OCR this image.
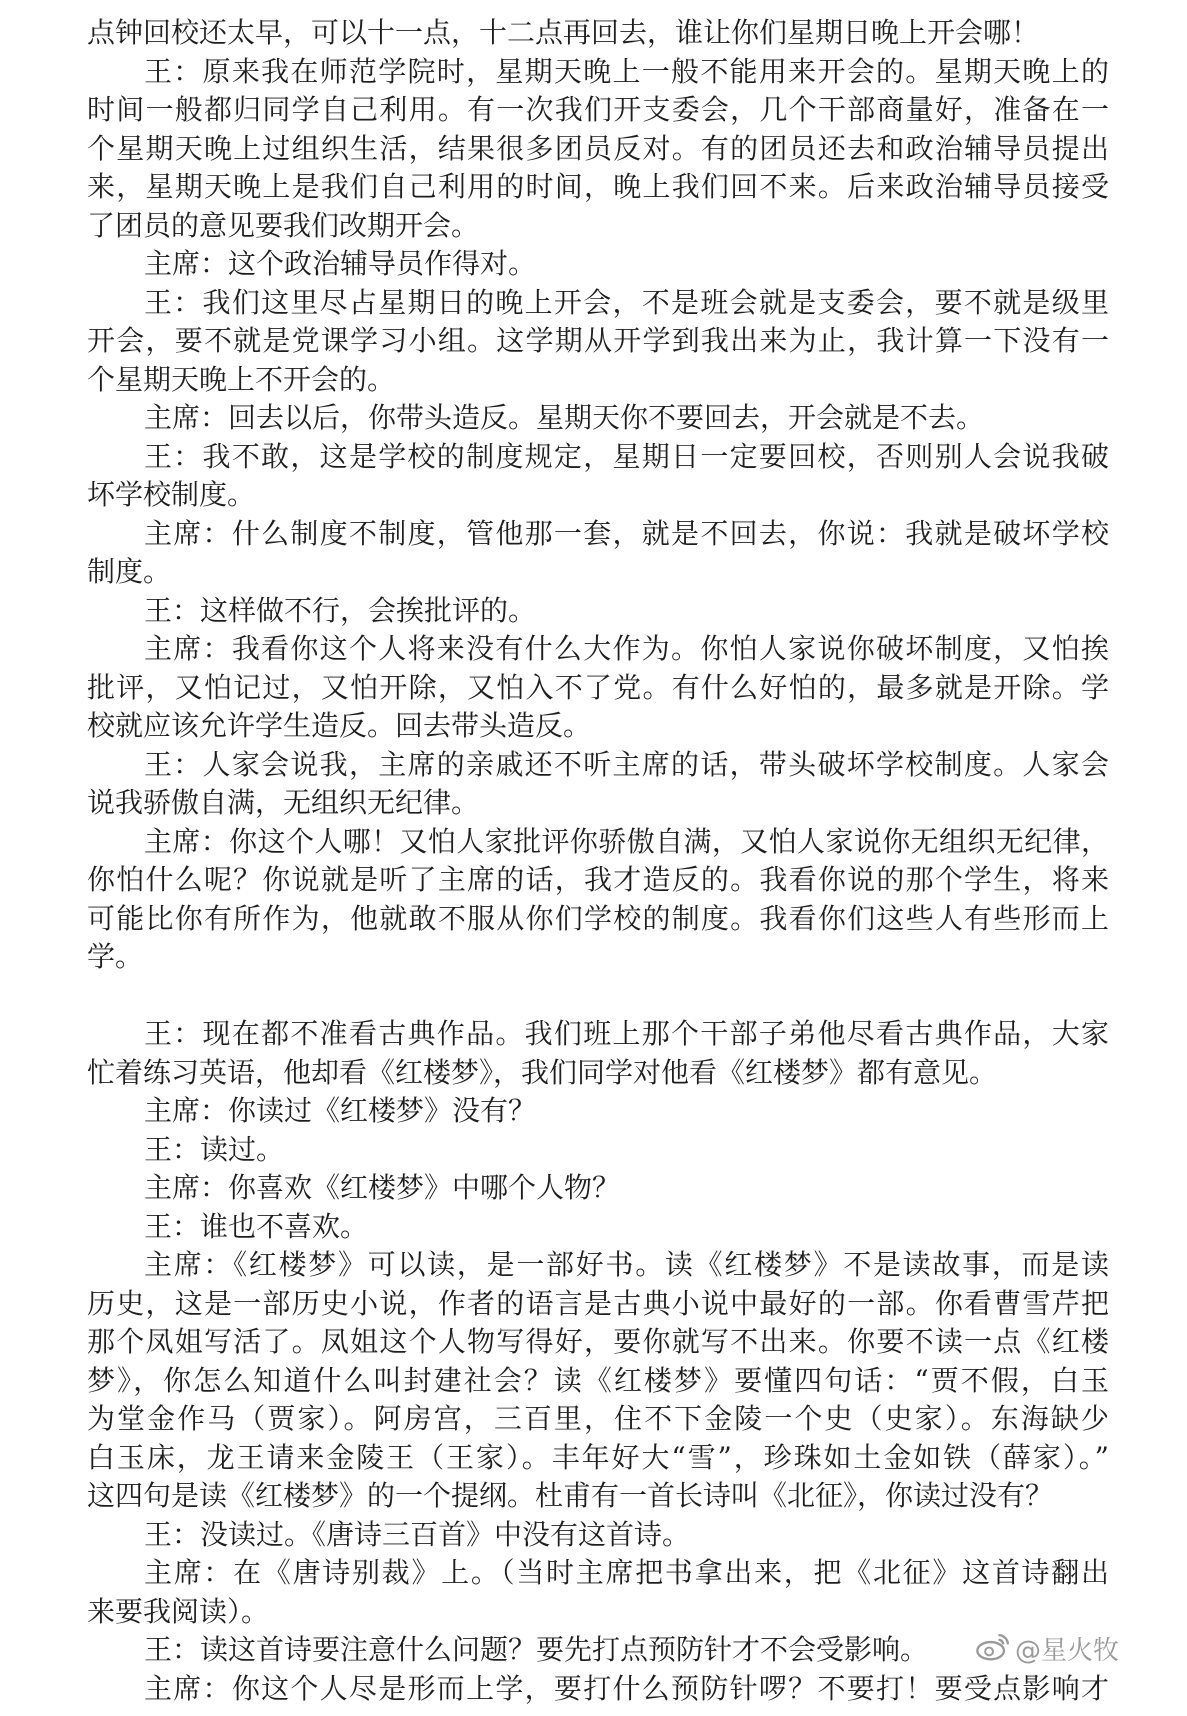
点钟回校还太早，可以十一点，十二点再回去，谁让你们星期日晚上开会哪！
王：原来我在师范学院时，星期天晚上一般不能用来开会的。星期天晚上的
时间一般都归同学自己利用。有一次我们开支委会，几个干部商量好，准备在一
个星期天晚上过组织生活，结果很多团员反对。有的团员还去和政治辅导员提出
来，星期天晚上是我们自己利用的时间，晚上我们回不来。后来政治辅导员接受
了团员的意见要我们改期开会。
主席：这个政治辅导员作得对。
王：我们这里尽占星期日的晚上开会，不是班会就是支委会，要不就是级里
开会，要不就是党课学习小组。这学期从开学到我出来为止，我计算一下没有一
个星期天晚上不开会的。
主席：回去以后，你带头造反。星期天你不要回去，开会就是不去。
王：我不敢，这是学校的制度规定，星期日一定要回校，否则别人会说我破
坏学校制度。
主席：什么制度不制度，管他那一套，就是不回去，你说：我就是破坏学校
制度。
王：这样做不行，会挨批评的。
主席：我看你这个人将来没有什么大作为。你怕人家说你破坏制度，又怕挨
批评，又怕记过，又怕开除，又怕入不了党。有什么好怕的，最多就是开除。学
校就应该允许学生造反。回去带头造反。
王：人家会说我，主席的亲戚还不听主席的话，带头破坏学校制度。人家会
说我骄傲自满，无组织无纪律。
主席：你这个人哪！又怕人家批评你骄傲自满，又怕人家说你无组织无纪律，
你怕什么呢？你说就是听了主席的话，我才造反的。我看你说的那个学生，将来
可能比你有所作为，他就敢不服从你们学校的制度。我看你们这些人有些形而上
学。
王：现在都不准看古典作品。我们班上那个干部子弟他尽看古典作品，大家
忙着练习英语，他却看《红楼梦》，我们同学对他看《红楼梦》都有意见。
主席：你读过《红楼梦》没有？
王：读过。
主席：你喜欢《红楼梦》中哪个人物？
王：谁也不喜欢。
主席：《红楼梦》可以读，是一部好书。读《红楼梦》不是读故事，而是读
历史，这是一部历史小说，作者的语言是古典小说中最好的一部。你看曹雪芹把
那个凤姐写活了。凤姐这个人物写得好，要你就写不出来。你要不读一点《红楼
梦》，你怎么知道什么叫封建社会？读《红楼梦》要懂四句话：“贾不假，白玉
为堂金作马（贾家）。阿房宫，三百里，住不下金陵一个史（史家）。东海缺少
白玉床，龙王请来金陵王（王家）。丰年好大“雪”，珍珠如土金如铁（薛家）。”
这四句是读《红楼梦》的一个提纲。杜甫有一首长诗叫《北征》，你读过没有？
王：没读过。《唐诗三百首》中没有这首诗。
主席：在《唐诗别裁》上。（当时主席把书拿出来，把《北征》这首诗翻出
来要我阅读）。
王：读这首诗要注意什么问题？要先打点预防针才不会受影响。
主席：你这个人尽是形而上学，要打什么预防针啰？不要打！要受点影响才
@星火牧
